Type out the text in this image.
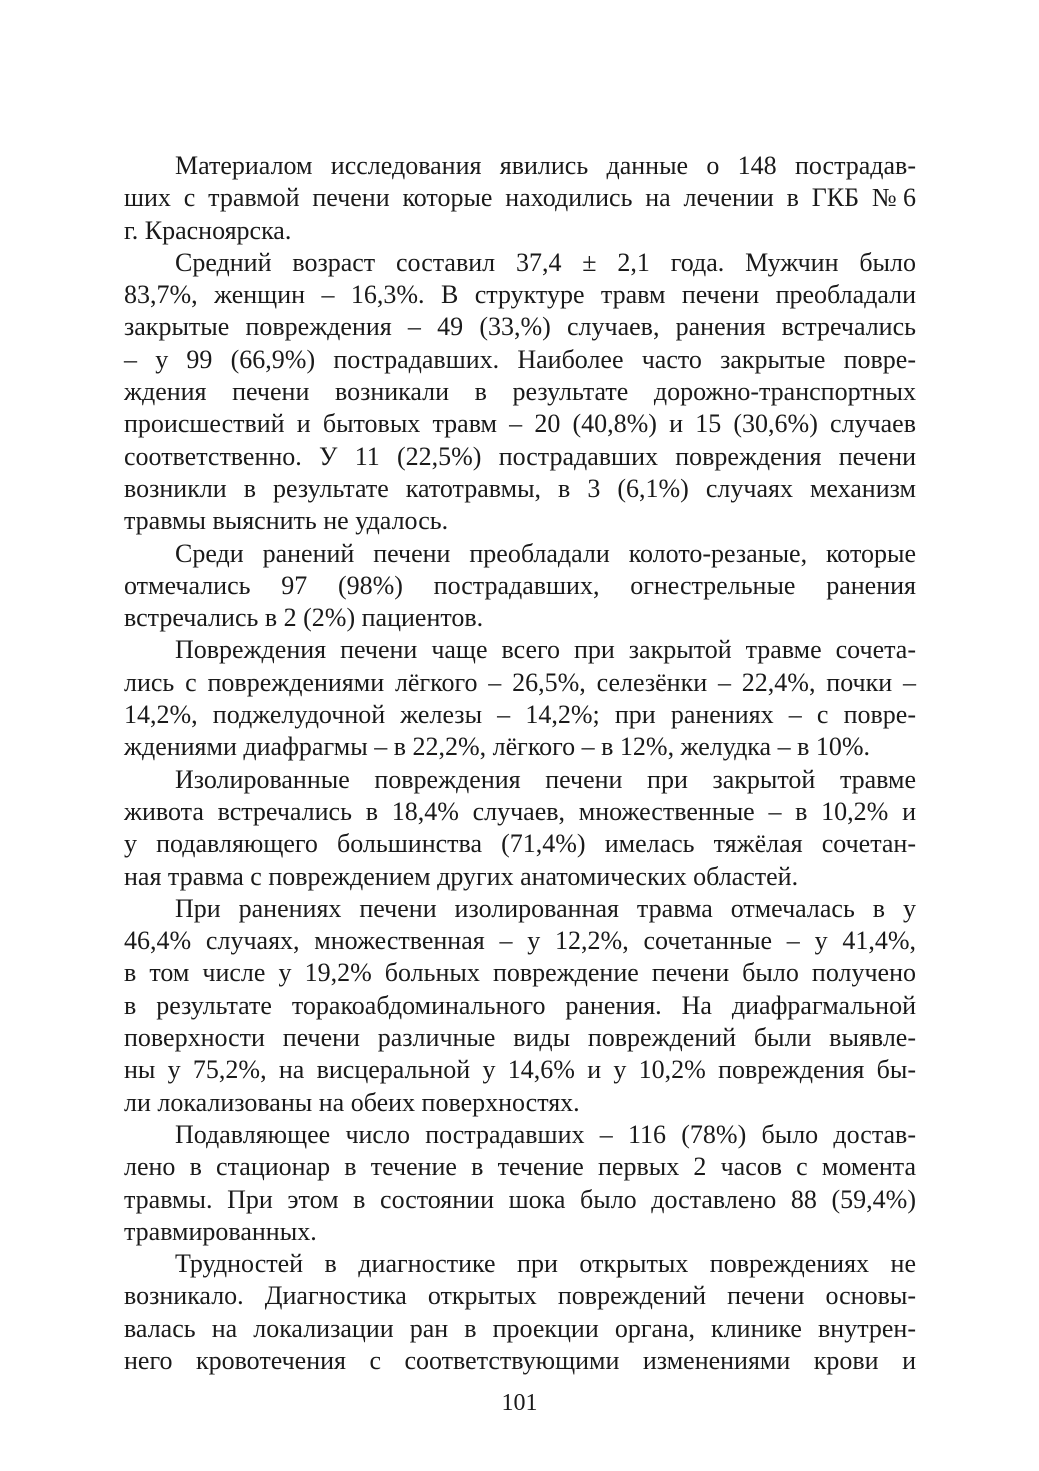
Материалом исследования явились данные о 148 пострадав-
ших с травмой печени которые находились на лечении в ГКБ №6
г. Красноярска.
Средний возраст составил 37,4 ± 2,1 года. Мужчин было
83,7%, женщин – 16,3%. В структуре травм печени преобладали
закрытые повреждения – 49 (33,%) случаев, ранения встречались
– у 99 (66,9%) пострадавших. Наиболее часто закрытые повре-
ждения печени возникали в результате дорожно-транспортных
происшествий и бытовых травм – 20 (40,8%) и 15 (30,6%) случаев
соответственно. У 11 (22,5%) пострадавших повреждения печени
возникли в результате катотравмы, в 3 (6,1%) случаях механизм
травмы выяснить не удалось.
Среди ранений печени преобладали колото-резаные, которые
отмечались 97 (98%) пострадавших, огнестрельные ранения
встречались в 2 (2%) пациентов.
Повреждения печени чаще всего при закрытой травме сочета-
лись с повреждениями лёгкого – 26,5%, селезёнки – 22,4%, почки –
14,2%, поджелудочной железы – 14,2%; при ранениях – с повре-
ждениями диафрагмы – в 22,2%, лёгкого – в 12%, желудка – в 10%.
Изолированные повреждения печени при закрытой травме
живота встречались в 18,4% случаев, множественные – в 10,2% и
у подавляющего большинства (71,4%) имелась тяжёлая сочетан-
ная травма с повреждением других анатомических областей.
При ранениях печени изолированная травма отмечалась в у
46,4% случаях, множественная – у 12,2%, сочетанные – у 41,4%,
в том числе у 19,2% больных повреждение печени было получено
в результате торакоабдоминального ранения. На диафрагмальной
поверхности печени различные виды повреждений были выявле-
ны у 75,2%, на висцеральной у 14,6% и у 10,2% повреждения бы-
ли локализованы на обеих поверхностях.
Подавляющее число пострадавших – 116 (78%) было достав-
лено в стационар в течение в течение первых 2 часов с момента
травмы. При этом в состоянии шока было доставлено 88 (59,4%)
травмированных.
Трудностей в диагностике при открытых повреждениях не
возникало. Диагностика открытых повреждений печени основы-
валась на локализации ран в проекции органа, клинике внутрен-
него кровотечения с соответствующими изменениями крови и
101
